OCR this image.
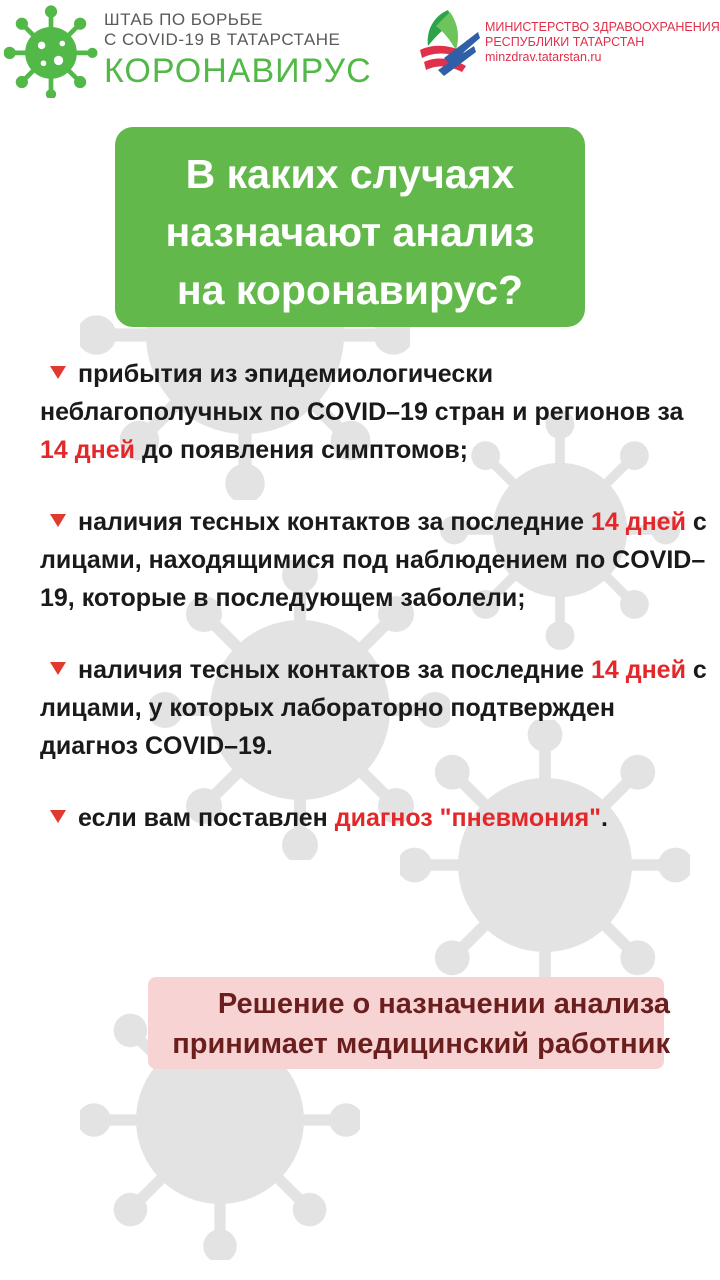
ШТАБ ПО БОРЬБЕ
С COVID-19 В ТАТАРСТАНЕ
КОРОНАВИРУС
МИНИСТЕРСТВО ЗДРАВООХРАНЕНИЯ
РЕСПУБЛИКИ ТАТАРСТАН
minzdrav.tatarstan.ru
В каких случаях
назначают анализ
на коронавирус?
прибытия из эпидемиологически неблагополучных по COVID–19 стран и регионов за 14 дней до появления симптомов;
наличия тесных контактов за последние 14 дней с лицами, находящимися под наблюдением по COVID–19, которые в последующем заболели;
наличия тесных контактов за последние 14 дней с лицами, у которых лабораторно подтвержден диагноз COVID–19.
если вам поставлен диагноз "пневмония".
Решение о назначении анализа
принимает медицинский работник
